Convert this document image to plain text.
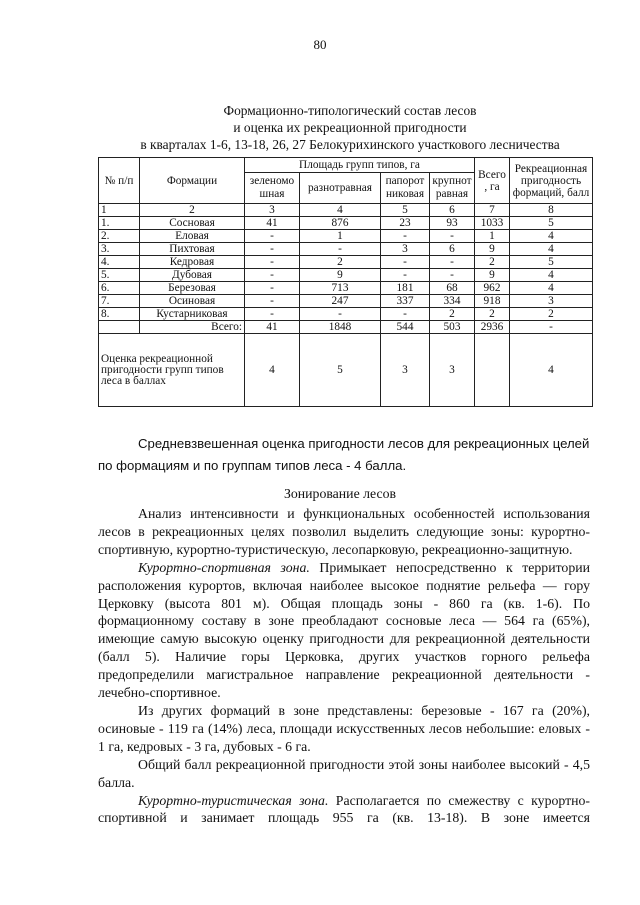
80
Формационно-типологический состав лесов
и оценка их рекреационной пригодности
в кварталах 1-6, 13-18, 26, 27 Белокурихинского участкового лесничества
№ п/п	Формации	Площадь групп типов, га				Всего , га	Рекреационная пригодность формаций, балл
		зеленомошная	разнотравная	папоротниковая	крупнотравная		
1	2	3	4	5	6	7	8
1.	Сосновая	41	876	23	93	1033	5
2.	Еловая	-	1	-	-	1	4
3.	Пихтовая	-	-	3	6	9	4
4.	Кедровая	-	2	-	-	2	5
5.	Дубовая	-	9	-	-	9	4
6.	Березовая	-	713	181	68	962	4
7.	Осиновая	-	247	337	334	918	3
8.	Кустарниковая	-	-	-	2	2	2
	Всего:	41	1848	544	503	2936	-
Оценка рекреационной пригодности групп типов леса в баллах		4	5	3	3		4
Средневзвешенная оценка пригодности лесов для рекреационных целей по формациям и по группам типов леса - 4 балла.
Зонирование лесов

Анализ интенсивности и функциональных особенностей использования лесов в рекреационных целях позволил выделить следующие зоны: курортно-спортивную, курортно-туристическую, лесопарковую, рекреационно-защитную.

Курортно-спортивная зона. Примыкает непосредственно к территории расположения курортов, включая наиболее высокое поднятие рельефа — гору Церковку (высота 801 м). Общая площадь зоны - 860 га (кв. 1-6). По формационному составу в зоне преобладают сосновые леса — 564 га (65%), имеющие самую высокую оценку пригодности для рекреационной деятельности (балл 5). Наличие горы Церковка, других участков горного рельефа предопределили магистральное направление рекреационной деятельности - лечебно-спортивное.

Из других формаций в зоне представлены: березовые - 167 га (20%), осиновые - 119 га (14%) леса, площади искусственных лесов небольшие: еловых - 1 га, кедровых - 3 га, дубовых - 6 га.

Общий балл рекреационной пригодности этой зоны наиболее высокий - 4,5 балла.

Курортно-туристическая зона. Располагается по смежеству с курортно-спортивной и занимает площадь 955 га (кв. 13-18). В зоне имеется
